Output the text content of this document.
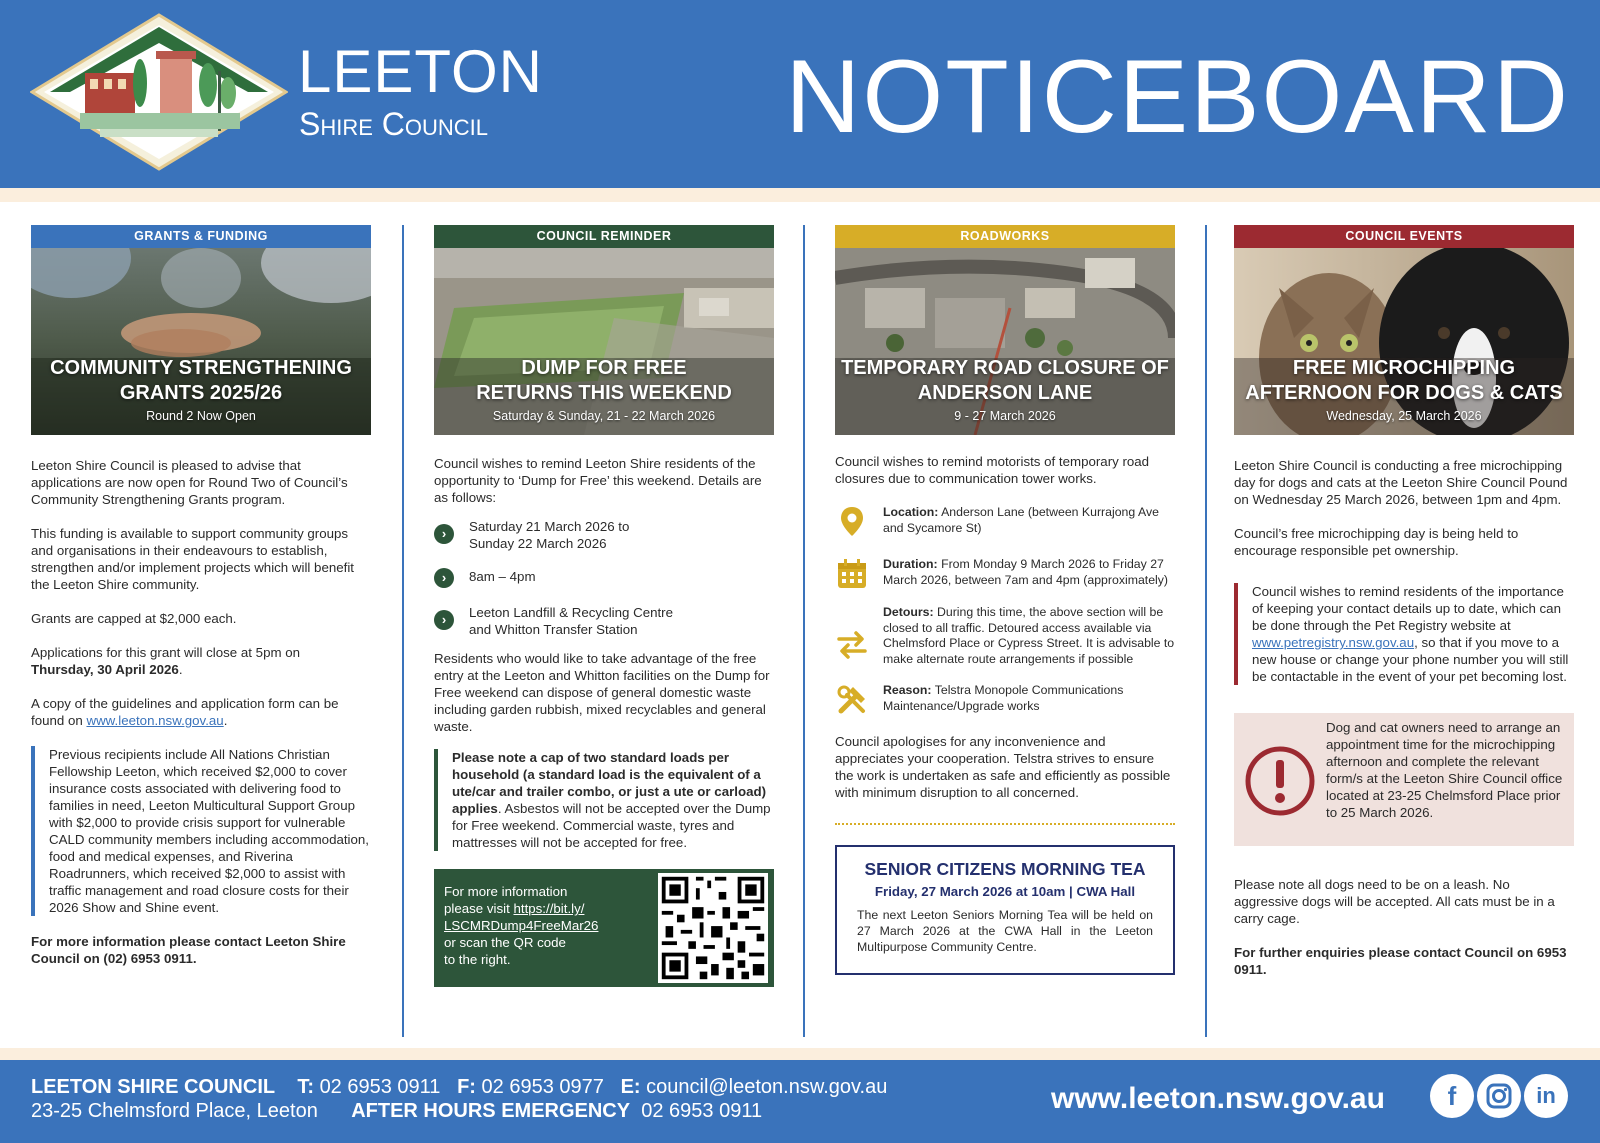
LEETON
Shire Council	NOTICEBOARD
GRANTS & FUNDING
COMMUNITY STRENGTHENING
GRANTS 2025/26
Round 2 Now Open
Leeton Shire Council is pleased to advise that applications are now open for Round Two of Council’s Community Strengthening Grants program.
This funding is available to support community groups and organisations in their endeavours to establish, strengthen and/or implement projects which will benefit the Leeton Shire community.
Grants are capped at $2,000 each.
Applications for this grant will close at 5pm on
Thursday, 30 April 2026.
A copy of the guidelines and application form can be found on www.leeton.nsw.gov.au.
Previous recipients include All Nations Christian Fellowship Leeton, which received $2,000 to cover insurance costs associated with delivering food to families in need, Leeton Multicultural Support Group with $2,000 to provide crisis support for vulnerable CALD community members including accommodation, food and medical expenses, and Riverina Roadrunners, which received $2,000 to assist with traffic management and road closure costs for their 2026 Show and Shine event.
For more information please contact Leeton Shire Council on (02) 6953 0911.
COUNCIL REMINDER
DUMP FOR FREE
RETURNS THIS WEEKEND
Saturday & Sunday, 21 - 22 March 2026
Council wishes to remind Leeton Shire residents of the opportunity to ‘Dump for Free’ this weekend. Details are as follows:
›	Saturday 21 March 2026 to
Sunday 22 March 2026
›	8am – 4pm
›	Leeton Landfill & Recycling Centre
and Whitton Transfer Station
Residents who would like to take advantage of the free entry at the Leeton and Whitton facilities on the Dump for Free weekend can dispose of general domestic waste including garden rubbish, mixed recyclables and general waste.
Please note a cap of two standard loads per household (a standard load is the equivalent of a ute/car and trailer combo, or just a ute or carload) applies. Asbestos will not be accepted over the Dump for Free weekend. Commercial waste, tyres and mattresses will not be accepted for free.
For more information
please visit https://bit.ly/
LSCMRDump4FreeMar26
or scan the QR code
to the right.
ROADWORKS
TEMPORARY ROAD CLOSURE OF
ANDERSON LANE
9 - 27 March 2026
Council wishes to remind motorists of temporary road closures due to communication tower works.
Location: Anderson Lane (between Kurrajong Ave and Sycamore St)
Duration: From Monday 9 March 2026 to Friday 27 March 2026, between 7am and 4pm (approximately)
Detours: During this time, the above section will be closed to all traffic. Detoured access available via Chelmsford Place or Cypress Street. It is advisable to make alternate route arrangements if possible
Reason: Telstra Monopole Communications Maintenance/Upgrade works
Council apologises for any inconvenience and appreciates your cooperation. Telstra strives to ensure the work is undertaken as safe and efficiently as possible with minimum disruption to all concerned.
SENIOR CITIZENS MORNING TEA
Friday, 27 March 2026 at 10am | CWA Hall
The next Leeton Seniors Morning Tea will be held on 27 March 2026 at the CWA Hall in the Leeton Multipurpose Community Centre.
COUNCIL EVENTS
FREE MICROCHIPPING
AFTERNOON FOR DOGS & CATS
Wednesday, 25 March 2026
Leeton Shire Council is conducting a free microchipping day for dogs and cats at the Leeton Shire Council Pound on Wednesday 25 March 2026, between 1pm and 4pm.
Council’s free microchipping day is being held to encourage responsible pet ownership.
Council wishes to remind residents of the importance of keeping your contact details up to date, which can be done through the Pet Registry website at www.petregistry.nsw.gov.au, so that if you move to a new house or change your phone number you will still be contactable in the event of your pet becoming lost.
Dog and cat owners need to arrange an appointment time for the microchipping afternoon and complete the relevant form/s at the Leeton Shire Council office located at 23-25 Chelmsford Place prior to 25 March 2026.
Please note all dogs need to be on a leash. No aggressive dogs will be accepted. All cats must be in a carry cage.
For further enquiries please contact Council on 6953 0911.
LEETON SHIRE COUNCIL T: 02 6953 0911 F: 02 6953 0977 E: council@leeton.nsw.gov.au
23-25 Chelmsford Place, Leeton AFTER HOURS EMERGENCY 02 6953 0911	www.leeton.nsw.gov.au	f	in
